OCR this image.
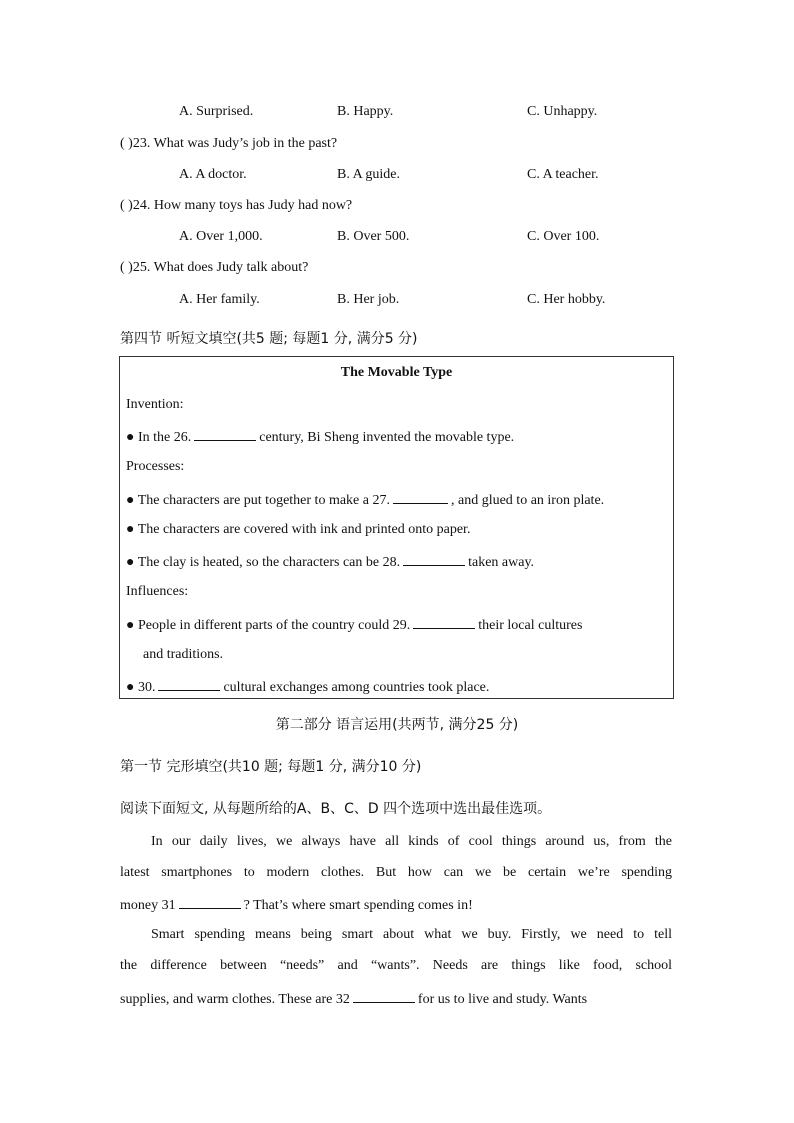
A. Surprised.	B. Happy.	C. Unhappy.
( )23. What was Judy’s job in the past?
A. A doctor.	B. A guide.	C. A teacher.
( )24. How many toys has Judy had now?
A. Over 1,000.	B. Over 500.	C. Over 100.
( )25. What does Judy talk about?
A. Her family.	B. Her job.	C. Her hobby.
第四节 听短文填空(共5 题; 每题1 分, 满分5 分)
The Movable Type
Invention:
● In the 26.	century, Bi Sheng invented the movable type.
Processes:
● The characters are put together to make a 27.	, and glued to an iron plate.
● The characters are covered with ink and printed onto paper.
● The clay is heated, so the characters can be 28.	taken away.
Influences:
● People in different parts of the country could 29.	their local cultures
and traditions.
● 30.	cultural exchanges among countries took place.
第二部分 语言运用(共两节, 满分25 分)
第一节 完形填空(共10 题; 每题1 分, 满分10 分)
阅读下面短文, 从每题所给的A、B、C、D 四个选项中选出最佳选项。
In our daily lives, we always have all kinds of cool things around us, from the
latest smartphones to modern clothes. But how can we be certain we’re spending
money 31	? That’s where smart spending comes in!
Smart spending means being smart about what we buy. Firstly, we need to tell
the difference between “needs” and “wants”. Needs are things like food, school
supplies, and warm clothes. These are 32	for us to live and study. Wants
